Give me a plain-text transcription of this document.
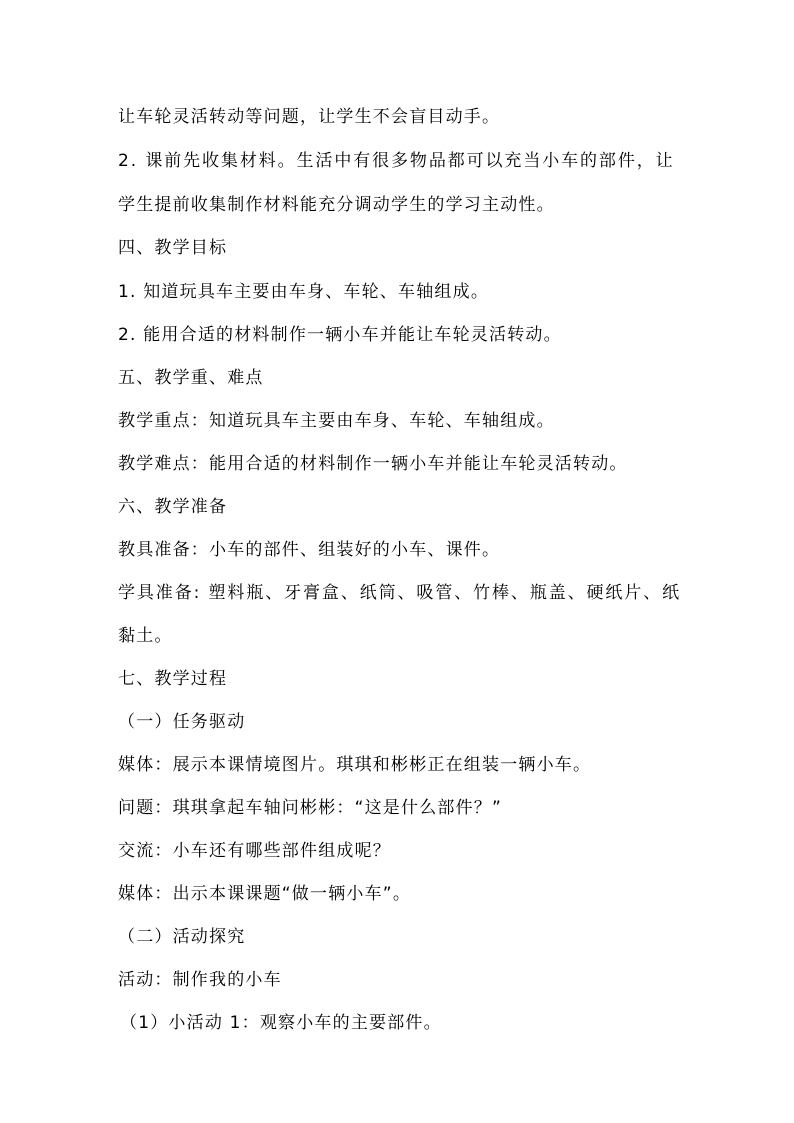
让车轮灵活转动等问题，让学生不会盲目动手。
2. 课前先收集材料。生活中有很多物品都可以充当小车的部件，让
学生提前收集制作材料能充分调动学生的学习主动性。
四、教学目标
1. 知道玩具车主要由车身、车轮、车轴组成。
2. 能用合适的材料制作一辆小车并能让车轮灵活转动。
五、教学重、难点
教学重点：知道玩具车主要由车身、车轮、车轴组成。
教学难点：能用合适的材料制作一辆小车并能让车轮灵活转动。
六、教学准备
教具准备：小车的部件、组装好的小车、课件。
学具准备: 塑料瓶、牙膏盒、纸筒、吸管、竹棒、瓶盖、硬纸片、纸
黏土。
七、教学过程
（一）任务驱动
媒体：展示本课情境图片。琪琪和彬彬正在组装一辆小车。
问题：琪琪拿起车轴问彬彬：“这是什么部件？”
交流：小车还有哪些部件组成呢？
媒体：出示本课课题“做一辆小车”。
（二）活动探究
活动：制作我的小车
（1）小活动 1：观察小车的主要部件。
